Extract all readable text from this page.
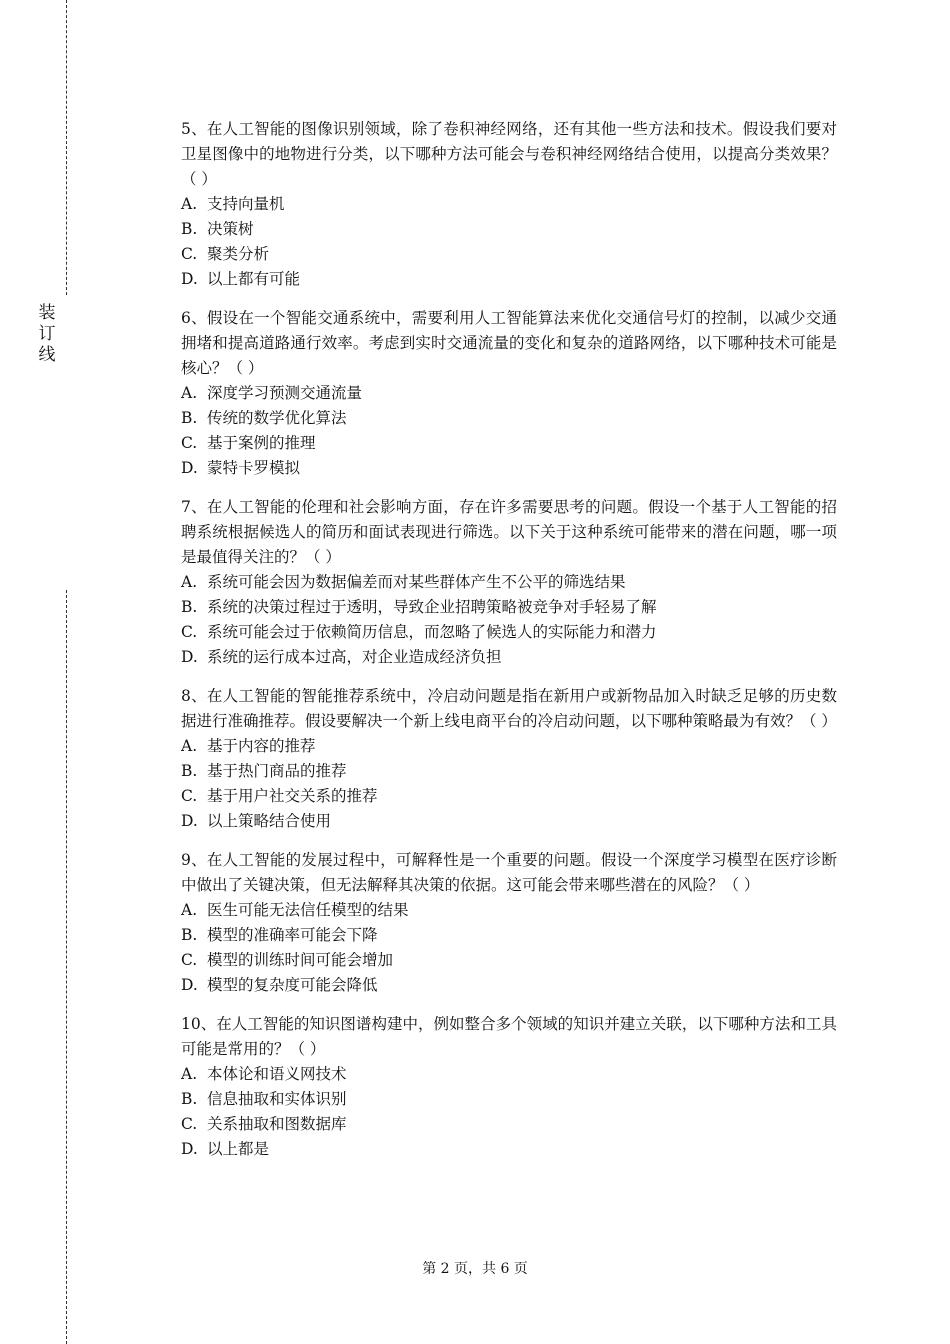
装
订
线
5、在人工智能的图像识别领域，除了卷积神经网络，还有其他一些方法和技术。假设我们要对卫星图像中的地物进行分类，以下哪种方法可能会与卷积神经网络结合使用，以提高分类效果？（ ）
A. 支持向量机
B. 决策树
C. 聚类分析
D. 以上都有可能
6、假设在一个智能交通系统中，需要利用人工智能算法来优化交通信号灯的控制，以减少交通拥堵和提高道路通行效率。考虑到实时交通流量的变化和复杂的道路网络，以下哪种技术可能是核心？（ ）
A. 深度学习预测交通流量
B. 传统的数学优化算法
C. 基于案例的推理
D. 蒙特卡罗模拟
7、在人工智能的伦理和社会影响方面，存在许多需要思考的问题。假设一个基于人工智能的招聘系统根据候选人的简历和面试表现进行筛选。以下关于这种系统可能带来的潜在问题，哪一项是最值得关注的？（ ）
A. 系统可能会因为数据偏差而对某些群体产生不公平的筛选结果
B. 系统的决策过程过于透明，导致企业招聘策略被竞争对手轻易了解
C. 系统可能会过于依赖简历信息，而忽略了候选人的实际能力和潜力
D. 系统的运行成本过高，对企业造成经济负担
8、在人工智能的智能推荐系统中，冷启动问题是指在新用户或新物品加入时缺乏足够的历史数据进行准确推荐。假设要解决一个新上线电商平台的冷启动问题，以下哪种策略最为有效？（ ）
A. 基于内容的推荐
B. 基于热门商品的推荐
C. 基于用户社交关系的推荐
D. 以上策略结合使用
9、在人工智能的发展过程中，可解释性是一个重要的问题。假设一个深度学习模型在医疗诊断中做出了关键决策，但无法解释其决策的依据。这可能会带来哪些潜在的风险？（ ）
A. 医生可能无法信任模型的结果
B. 模型的准确率可能会下降
C. 模型的训练时间可能会增加
D. 模型的复杂度可能会降低
10、在人工智能的知识图谱构建中，例如整合多个领域的知识并建立关联，以下哪种方法和工具可能是常用的？（ ）
A. 本体论和语义网技术
B. 信息抽取和实体识别
C. 关系抽取和图数据库
D. 以上都是
第 2 页，共 6 页
